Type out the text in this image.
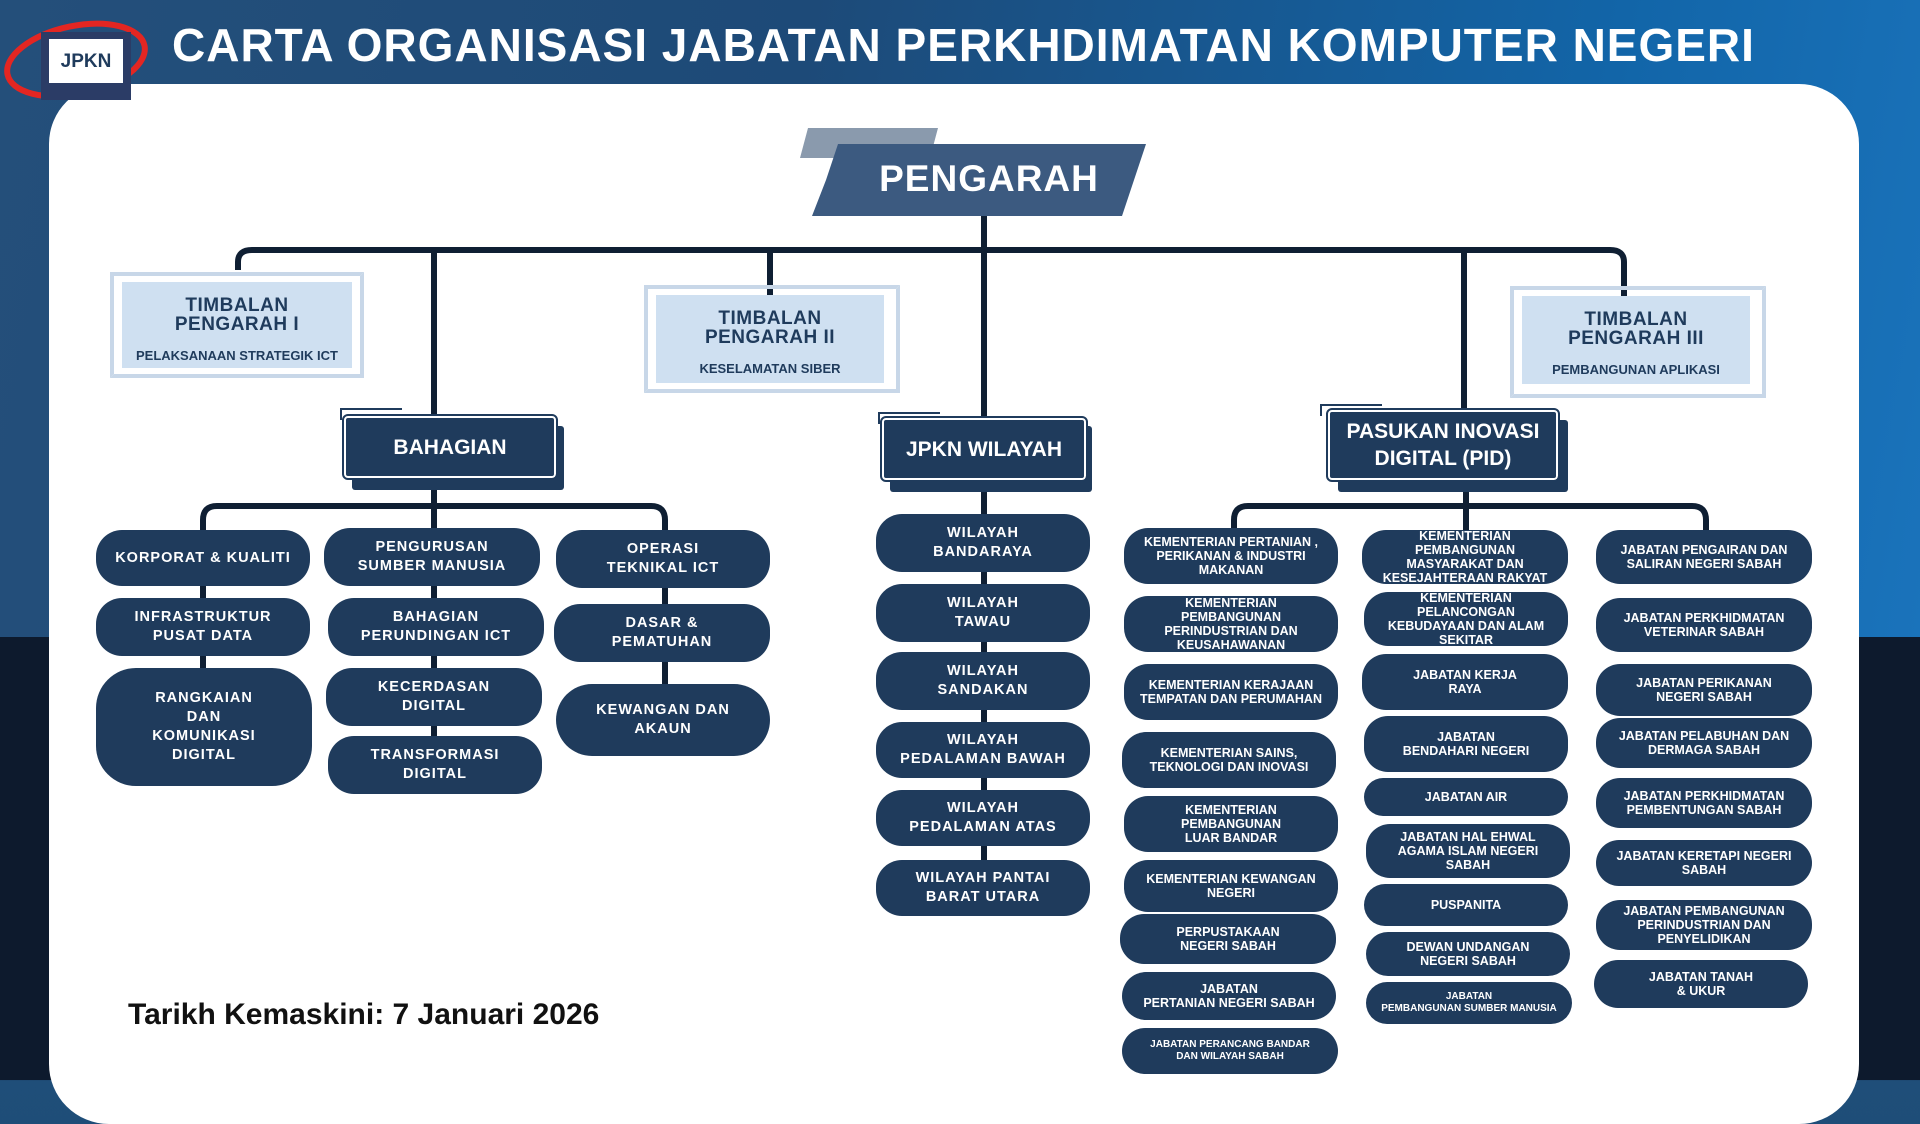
JPKN CARTA ORGANISASI JABATAN PERKHDIMATAN KOMPUTER NEGERI
PENGARAH
TIMBALAN
PENGARAH I
PELAKSANAAN STRATEGIK ICT
TIMBALAN
PENGARAH II
KESELAMATAN SIBER
TIMBALAN
PENGARAH III
PEMBANGUNAN APLIKASI
BAHAGIAN	JPKN WILAYAH
PASUKAN INOVASI
DIGITAL (PID)
KORPORAT & KUALITI
INFRASTRUKTUR
PUSAT DATA
RANGKAIAN
DAN
KOMUNIKASI
DIGITAL
PENGURUSAN
SUMBER MANUSIA
BAHAGIAN
PERUNDINGAN ICT
KECERDASAN
DIGITAL
TRANSFORMASI
DIGITAL
OPERASI
TEKNIKAL ICT
DASAR &
PEMATUHAN
KEWANGAN DAN
AKAUN
WILAYAH
BANDARAYA
WILAYAH
TAWAU
WILAYAH
SANDAKAN
WILAYAH
PEDALAMAN BAWAH
WILAYAH
PEDALAMAN ATAS
WILAYAH PANTAI
BARAT UTARA
KEMENTERIAN PERTANIAN ,
PERIKANAN & INDUSTRI
MAKANAN
KEMENTERIAN PEMBANGUNAN
PERINDUSTRIAN DAN
KEUSAHAWANAN
KEMENTERIAN KERAJAAN
TEMPATAN DAN PERUMAHAN
KEMENTERIAN SAINS,
TEKNOLOGI DAN INOVASI
KEMENTERIAN PEMBANGUNAN
LUAR BANDAR
KEMENTERIAN KEWANGAN
NEGERI
PERPUSTAKAAN
NEGERI SABAH
JABATAN
PERTANIAN NEGERI SABAH
JABATAN PERANCANG BANDAR
DAN WILAYAH SABAH
KEMENTERIAN PEMBANGUNAN
MASYARAKAT DAN
KESEJAHTERAAN RAKYAT
KEMENTERIAN PELANCONGAN
KEBUDAYAAN DAN ALAM
SEKITAR
JABATAN KERJA
RAYA
JABATAN
BENDAHARI NEGERI
JABATAN AIR
JABATAN HAL EHWAL
AGAMA ISLAM NEGERI
SABAH
PUSPANITA
DEWAN UNDANGAN
NEGERI SABAH
JABATAN
PEMBANGUNAN SUMBER MANUSIA
JABATAN PENGAIRAN DAN
SALIRAN NEGERI SABAH
JABATAN PERKHIDMATAN
VETERINAR SABAH
JABATAN PERIKANAN
NEGERI SABAH
JABATAN PELABUHAN DAN
DERMAGA SABAH
JABATAN PERKHIDMATAN
PEMBENTUNGAN SABAH
JABATAN KERETAPI NEGERI
SABAH
JABATAN PEMBANGUNAN
PERINDUSTRIAN DAN
PENYELIDIKAN
JABATAN TANAH
& UKUR
Tarikh Kemaskini: 7 Januari 2026
